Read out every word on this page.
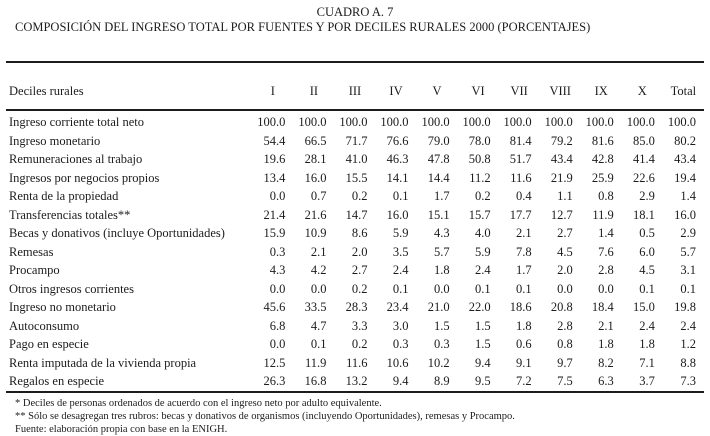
CUADRO A. 7
COMPOSICIÓN DEL INGRESO TOTAL POR FUENTES Y POR DECILES RURALES 2000 (PORCENTAJES)
Deciles rurales	I	II	III	IV	V	VI	VII	VIII	IX	X	Total
Ingreso corriente total neto	100.0	100.0	100.0	100.0	100.0	100.0	100.0	100.0	100.0	100.0	100.0
Ingreso monetario	54.4	66.5	71.7	76.6	79.0	78.0	81.4	79.2	81.6	85.0	80.2
Remuneraciones al trabajo	19.6	28.1	41.0	46.3	47.8	50.8	51.7	43.4	42.8	41.4	43.4
Ingresos por negocios propios	13.4	16.0	15.5	14.1	14.4	11.2	11.6	21.9	25.9	22.6	19.4
Renta de la propiedad	0.0	0.7	0.2	0.1	1.7	0.2	0.4	1.1	0.8	2.9	1.4
Transferencias totales**	21.4	21.6	14.7	16.0	15.1	15.7	17.7	12.7	11.9	18.1	16.0
Becas y donativos (incluye Oportunidades)	15.9	10.9	8.6	5.9	4.3	4.0	2.1	2.7	1.4	0.5	2.9
Remesas	0.3	2.1	2.0	3.5	5.7	5.9	7.8	4.5	7.6	6.0	5.7
Procampo	4.3	4.2	2.7	2.4	1.8	2.4	1.7	2.0	2.8	4.5	3.1
Otros ingresos corrientes	0.0	0.0	0.2	0.1	0.0	0.1	0.1	0.0	0.0	0.1	0.1
Ingreso no monetario	45.6	33.5	28.3	23.4	21.0	22.0	18.6	20.8	18.4	15.0	19.8
Autoconsumo	6.8	4.7	3.3	3.0	1.5	1.5	1.8	2.8	2.1	2.4	2.4
Pago en especie	0.0	0.1	0.2	0.3	0.3	1.5	0.6	0.8	1.8	1.8	1.2
Renta imputada de la vivienda propia	12.5	11.9	11.6	10.6	10.2	9.4	9.1	9.7	8.2	7.1	8.8
Regalos en especie	26.3	16.8	13.2	9.4	8.9	9.5	7.2	7.5	6.3	3.7	7.3
* Deciles de personas ordenados de acuerdo con el ingreso neto por adulto equivalente.
** Sólo se desagregan tres rubros: becas y donativos de organismos (incluyendo Oportunidades), remesas y Procampo.
Fuente: elaboración propia con base en la ENIGH.
